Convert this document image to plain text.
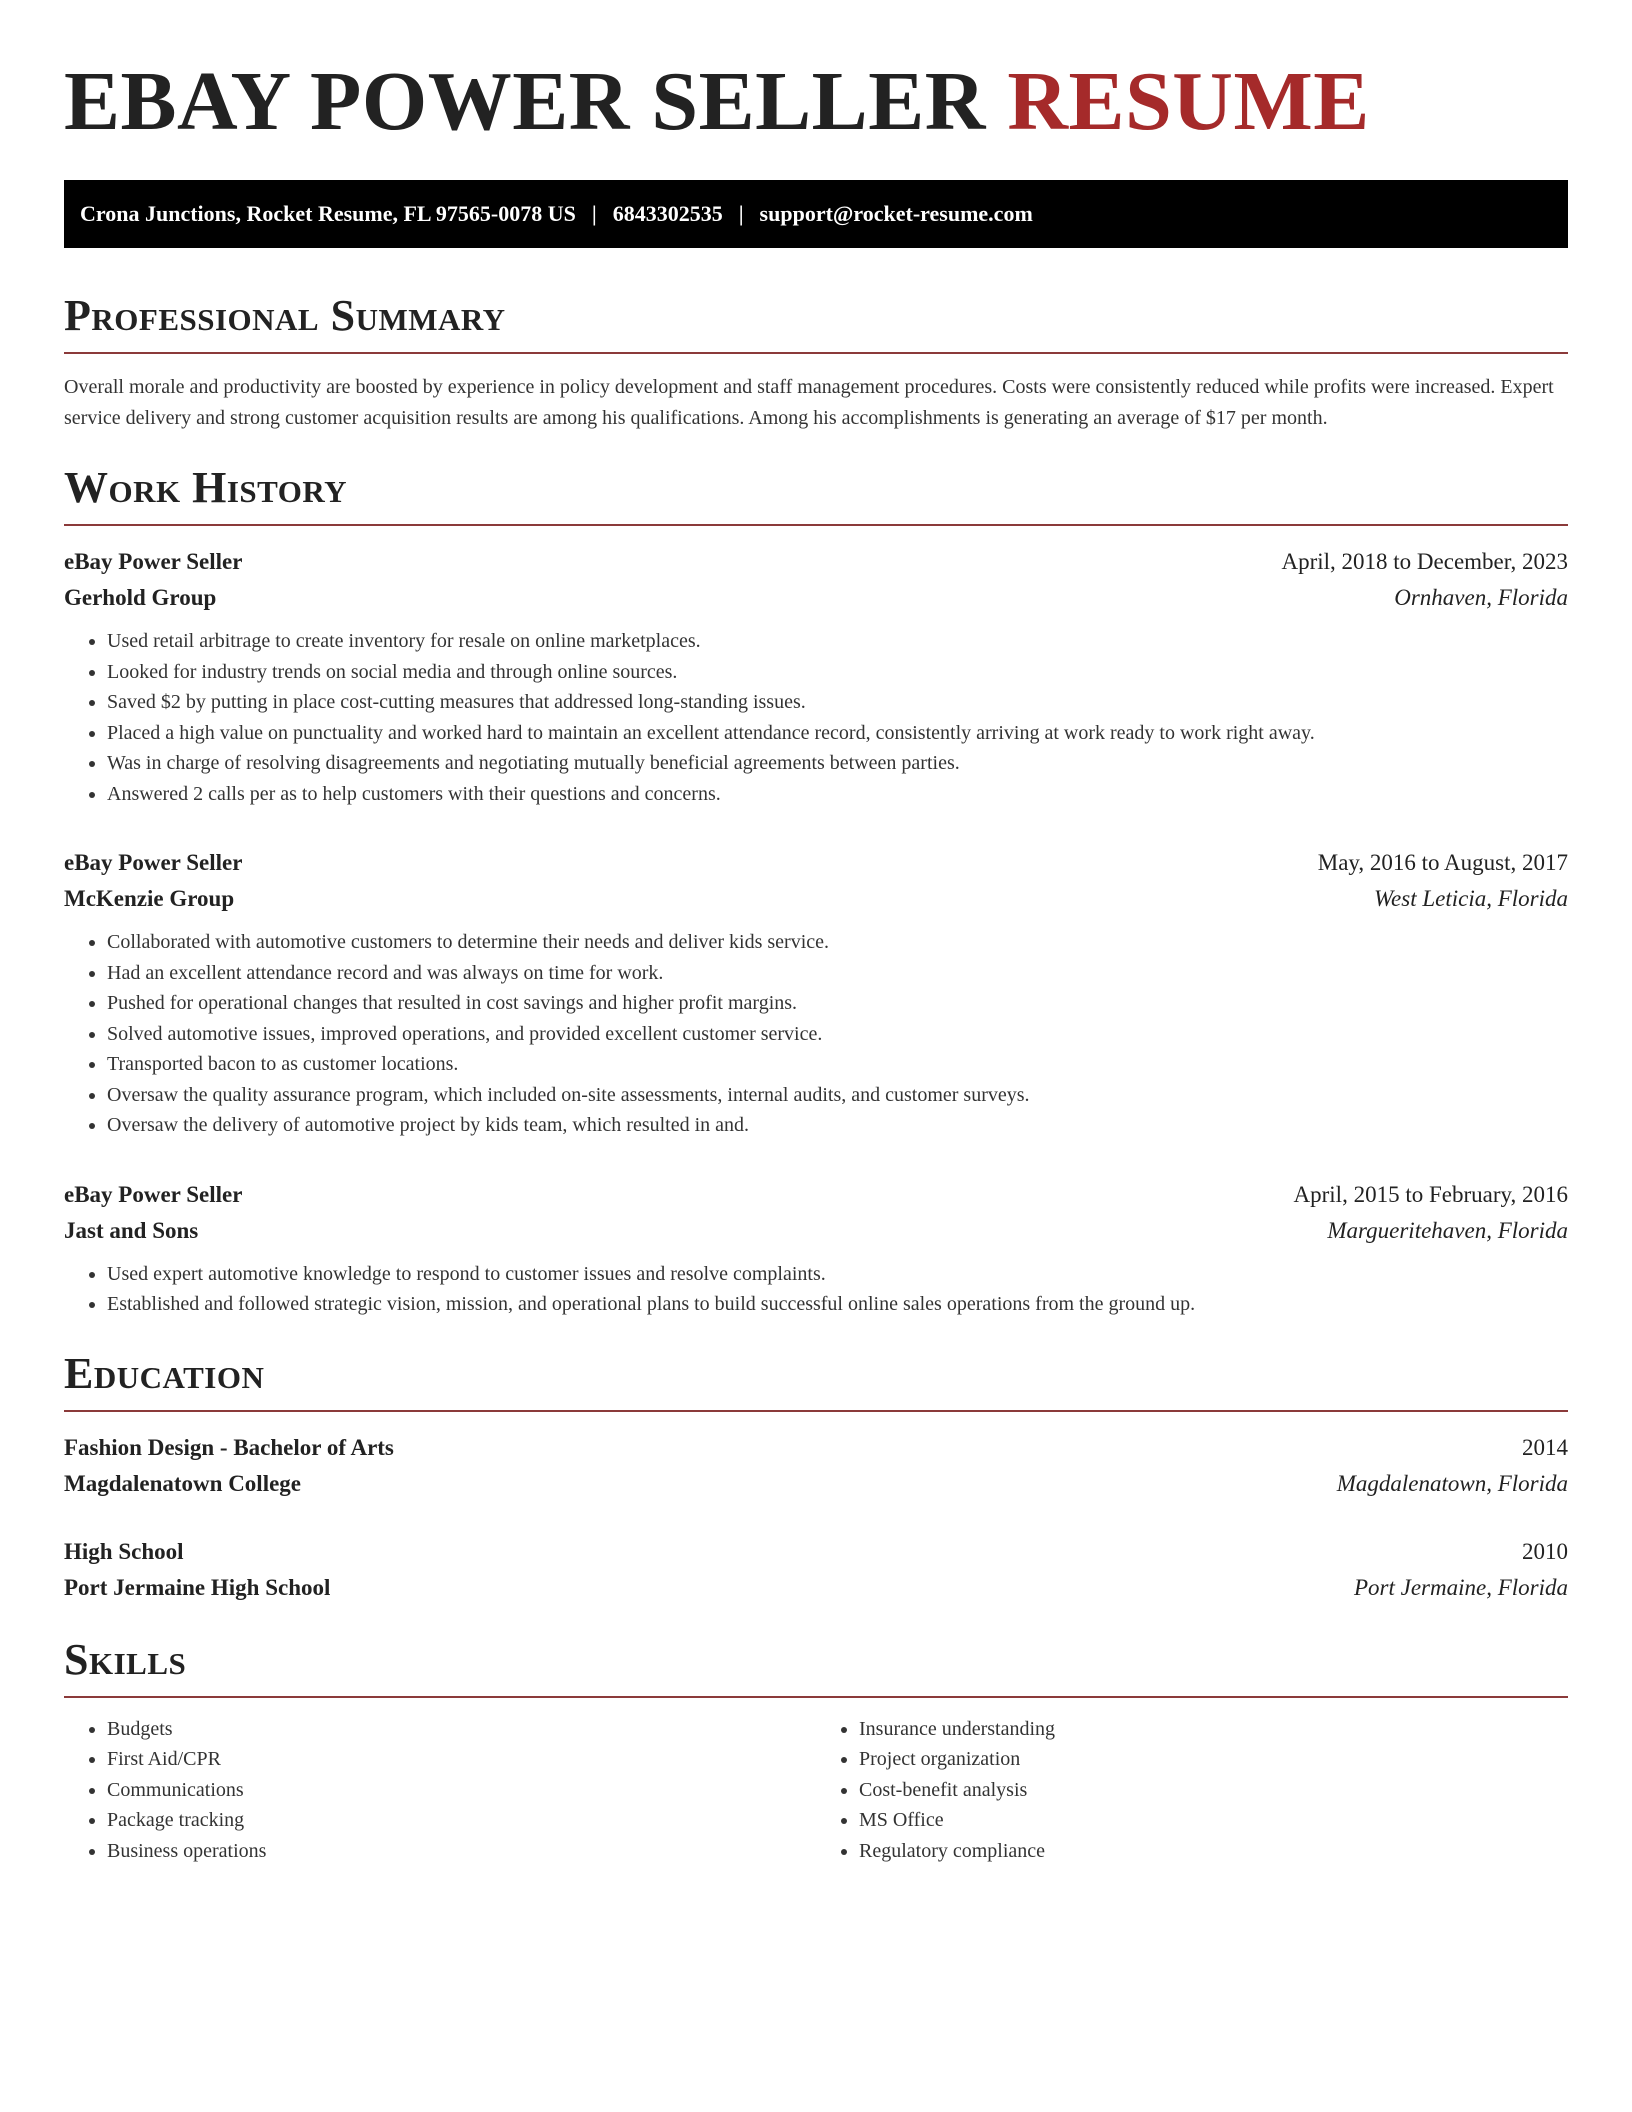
EBAY POWER SELLER RESUME
Crona Junctions, Rocket Resume, FL 97565-0078 US | 6843302535 | support@rocket-resume.com
Professional Summary

Overall morale and productivity are boosted by experience in policy development and staff management procedures. Costs were consistently reduced while profits were increased. Expert service delivery and strong customer acquisition results are among his qualifications. Among his accomplishments is generating an average of $17 per month.

Work History
eBay Power Seller	April, 2018 to December, 2023
Gerhold Group	Ornhaven, Florida
• Used retail arbitrage to create inventory for resale on online marketplaces.
• Looked for industry trends on social media and through online sources.
• Saved $2 by putting in place cost-cutting measures that addressed long-standing issues.
• Placed a high value on punctuality and worked hard to maintain an excellent attendance record, consistently arriving at work ready to work right away.
• Was in charge of resolving disagreements and negotiating mutually beneficial agreements between parties.
• Answered 2 calls per as to help customers with their questions and concerns.
eBay Power Seller	May, 2016 to August, 2017
McKenzie Group	West Leticia, Florida
• Collaborated with automotive customers to determine their needs and deliver kids service.
• Had an excellent attendance record and was always on time for work.
• Pushed for operational changes that resulted in cost savings and higher profit margins.
• Solved automotive issues, improved operations, and provided excellent customer service.
• Transported bacon to as customer locations.
• Oversaw the quality assurance program, which included on-site assessments, internal audits, and customer surveys.
• Oversaw the delivery of automotive project by kids team, which resulted in and.
eBay Power Seller	April, 2015 to February, 2016
Jast and Sons	Margueritehaven, Florida
• Used expert automotive knowledge to respond to customer issues and resolve complaints.
• Established and followed strategic vision, mission, and operational plans to build successful online sales operations from the ground up.
Education
Fashion Design - Bachelor of Arts	2014
Magdalenatown College	Magdalenatown, Florida
High School	2010
Port Jermaine High School	Port Jermaine, Florida
Skills
• Budgets
• First Aid/CPR
• Communications
• Package tracking
• Business operations
• Insurance understanding
• Project organization
• Cost-benefit analysis
• MS Office
• Regulatory compliance
